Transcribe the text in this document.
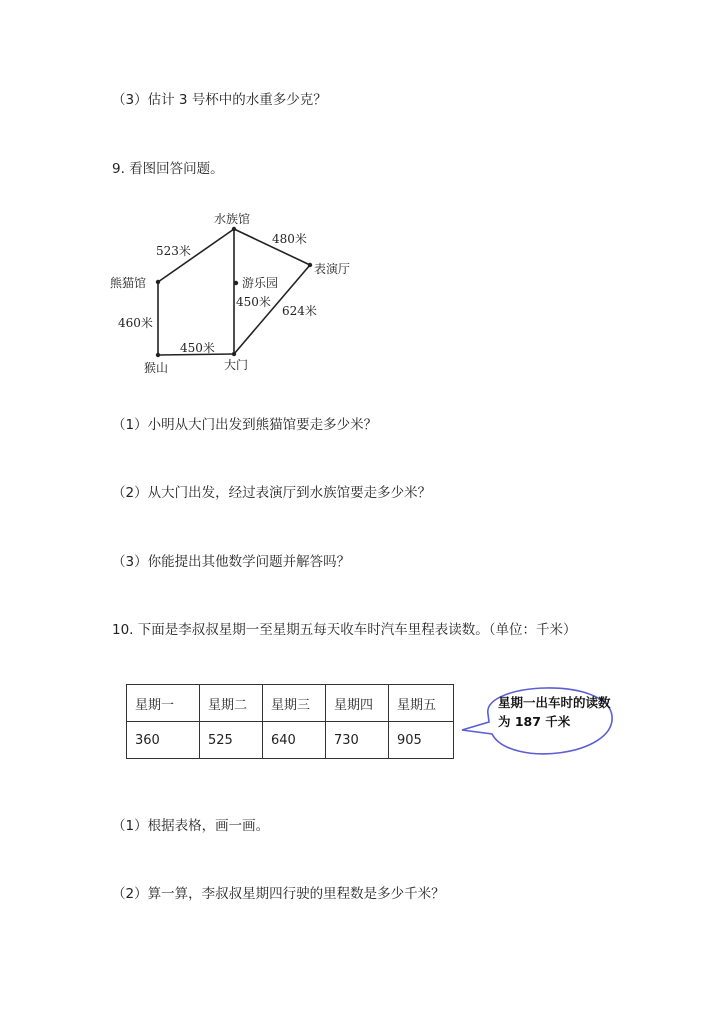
（3）估计 3 号杯中的水重多少克？
9. 看图回答问题。
水族馆
熊猫馆	游乐园
表演厅
猴山	大门
523米
480米
460米
450米
450米
624米
（1）小明从大门出发到熊猫馆要走多少米？
（2）从大门出发，经过表演厅到水族馆要走多少米？
（3）你能提出其他数学问题并解答吗？
10. 下面是李叔叔星期一至星期五每天收车时汽车里程表读数。（单位：千米）
星期一	星期二	星期三	星期四	星期五
360	525	640	730	905
星期一出车时的读数为 187 千米
（1）根据表格，画一画。
（2）算一算，李叔叔星期四行驶的里程数是多少千米？
